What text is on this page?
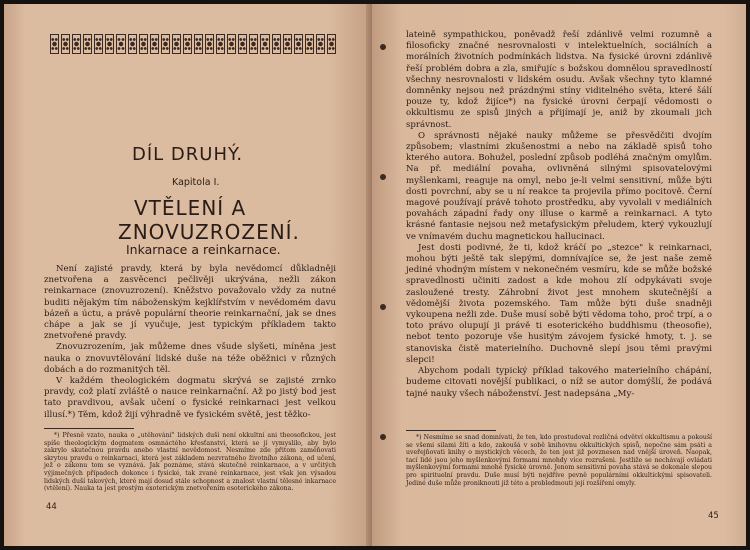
DÍL DRUHÝ.
Kapitola I.
VTĚLENÍ A
ZNOVUZROZENÍ.
Inkarnace a reinkarnace.

Není zajisté pravdy, která by byla nevědomcí důkladněji znetvořena a zasvěcenci pečlivěji ukrývána, nežli zákon reinkarnace (znovuzrození). Kněžstvo považovalo vždy za nutné buditi nějakým tím náboženským kejklířstvím v nevědomém davu bázeň a úctu, a právě populární theorie reinkarnační, jak se dnes chápe a jak se jí vyučuje, jest typickým příkladem takto znetvořené pravdy.

Znovuzrozením, jak můžeme dnes všude slyšeti, míněna jest nauka o znovuvtělování lidské duše na téže oběžnici v různých dobách a do rozmanitých těl.

V každém theologickém dogmatu skrývá se zajisté zrnko pravdy, což platí zvláště o nauce reinkarnační. Až po jistý bod jest tato pravdivou, avšak učení o fysické reinkarnaci jest velkou illusí.*) Těm, kdož žijí výhradně ve fysickém světě, jest těžko-

*) Přesně vzato, nauka o „utěhování" lidských duší není okkultní ani theosofickou, jest spíše theologickým dogmatem osmnáctého křesťanství, která se jí vymyslilo, aby bylo zakrylo skutečnou pravdu anebo vlastní nevědomost. Nesmíme zde přitom zaměňovati skrytou pravdu o reinkarnaci, která jest základem nezvratného životního zákona, od učení, jež o zákonu tom se vyznává. Jak poznáme, stává skutečně reinkarnace, a v určitých výjimečných případech dokonce i fysické, tak zvané reinkarnace, jest však jen výsadou lidských duší takových, které mají dosud stále schopnost a znalost vlastní tělesné inkarnace (vtělení). Nauka ta jest prostým exoterickým znetvořením esoterického zákona.

44

lateině sympathickou, poněvadž řeší zdánlivě velmi rozumně a filosoficky značné nesrovnalosti v intelektuelních, sociálních a morálních životních podmínkách lidstva. Na fysické úrovni zdánlivě řeší problém dobra a zla, smiřujíc s božskou domnělou spravedlností všechny nesrovnalosti v lidském osudu. Avšak všechny tyto klamné domněnky nejsou než prázdnými stíny viditelného světa, které šálí pouze ty, kdož žijíce*) na fysické úrovni čerpají vědomosti o okkultismu ze spisů jiných a přijímají je, aniž by zkoumali jich správnost.

O správnosti nějaké nauky můžeme se přesvědčiti dvojím způsobem; vlastními zkušenostmi a nebo na základě spisů toho kterého autora. Bohužel, poslední způsob podléhá značným omylům. Na př. mediální povaha, ovlivněná silnými spisovatelovými myšlenkami, reaguje na omyl, nebo je-li velmi sensitivní, může býti dosti povrchní, aby se u ní reakce ta projevila přímo pocitově. Černí magové používají právě tohoto prostředku, aby vyvolali v mediálních povahách západní řady ony illuse o karmě a reinkarnaci. A tyto krásné fantasie nejsou než metafysickým přeludem, který vykouzlují ve vnímavém duchu magnetickou hallucinaci.

Jest dosti podivné, že ti, kdož kráčí po „stezce" k reinkarnaci, mohou býti ještě tak slepými, domnívajíce se, že jest naše země jediné vhodným místem v nekonečném vesmíru, kde se může božské spravedlnosti učiniti zadost a kde mohou zlí odpykávati svoje zasloužené tresty. Záhrobní život jest mnohem skutečnější a vědomější života pozemského. Tam může býti duše snadněji vykoupena nežli zde. Duše musí sobě býti vědoma toho, proč trpí, a o toto právo olupují ji právě ti esoterického buddhismu (theosofie), nebot tento pozoruje vše husitým závojem fysické hmoty, t. j. se stanoviska čistě materielního. Duchovně slepí jsou těmi pravými slepci!

Abychom podali typický příklad takového materielního chápání, budeme citovati novější publikaci, o níž se autor domýšlí, že podává tajné nauky všech náboženství. Jest nadepsána „My-

*) Nesmíme se snad domnívati, že ten, kdo prostudoval rozličná odvětví okkultismu a pokouší se všemi silami žíti a kdo, zakoušá v sobě knihovnu okkultických spisů, nepočne sám psáti a uveřejňovati knihy o mystických věcech, že ten jest již povznesen nad vnější úroveň. Naopak, tací lidé jsou jeho myšlenkovými formami mnohdy více rozrušeni. Jestliže se nechávají ovládati myšlenkovými formami mnohé fysické úrovně. Jenom sensitivní povaha stává se dokonale slepou pro spirituelní pravdu. Duše musí býti nejdříve pevně populárními okkultickými spisovateli. Jediné duše může proniknouti již této a probledmouti její rozšíření omyly.

45
